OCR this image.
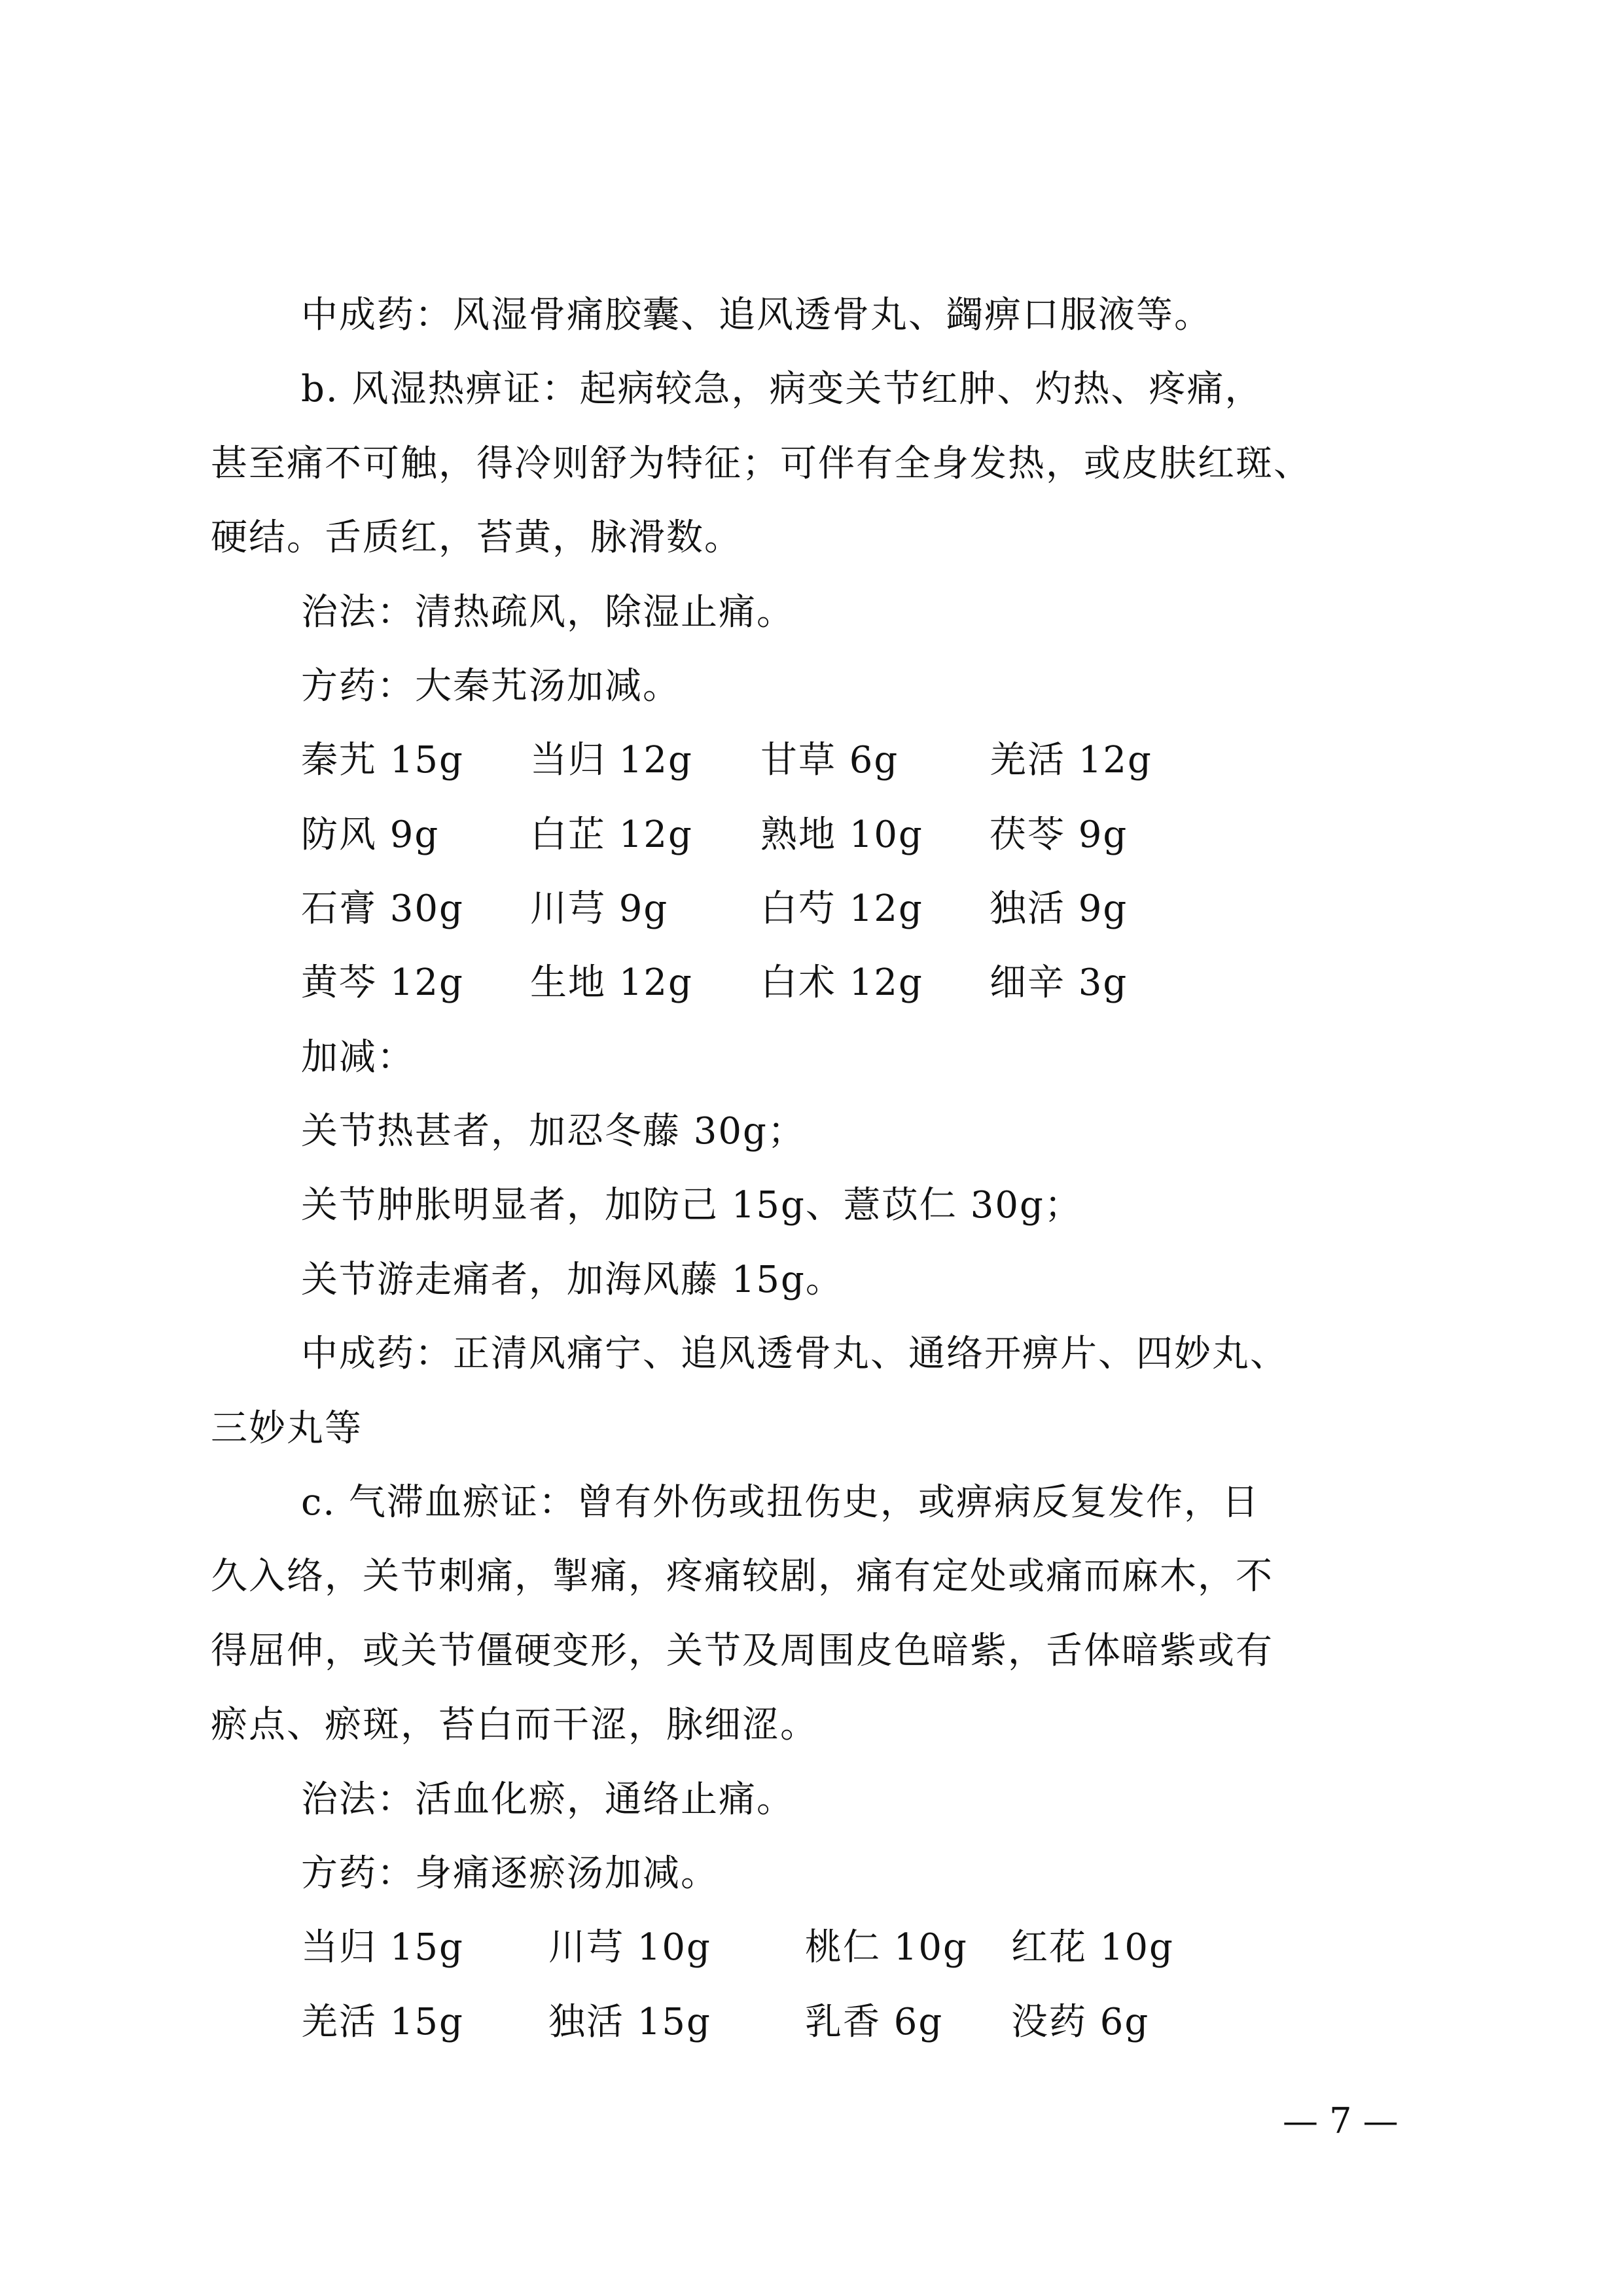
中成药：风湿骨痛胶囊、追风透骨丸、蠲痹口服液等。
b. 风湿热痹证：起病较急，病变关节红肿、灼热、疼痛，
甚至痛不可触，得冷则舒为特征；可伴有全身发热，或皮肤红斑、
硬结。舌质红，苔黄，脉滑数。
治法：清热疏风，除湿止痛。
方药：大秦艽汤加减。
秦艽 15g 当归 12g 甘草 6g 羌活 12g
防风 9g 白芷 12g 熟地 10g 茯苓 9g
石膏 30g 川芎 9g	白芍 12g 独活 9g
黄芩 12g 生地 12g 白术 12g 细辛 3g
加减：
关节热甚者，加忍冬藤 30g；
关节肿胀明显者，加防己 15g、薏苡仁 30g；
关节游走痛者，加海风藤 15g。
中成药：正清风痛宁、追风透骨丸、通络开痹片、四妙丸、
三妙丸等
c. 气滞血瘀证：曾有外伤或扭伤史，或痹病反复发作，日
久入络，关节刺痛，掣痛，疼痛较剧，痛有定处或痛而麻木，不
得屈伸，或关节僵硬变形，关节及周围皮色暗紫，舌体暗紫或有
瘀点、瘀斑，苔白而干涩，脉细涩。
治法：活血化瘀，通络止痛。
方药：身痛逐瘀汤加减。
当归 15g 川芎 10g	桃仁 10g 红花 10g
羌活 15g 独活 15g	乳香 6g 没药 6g
— 7 —
